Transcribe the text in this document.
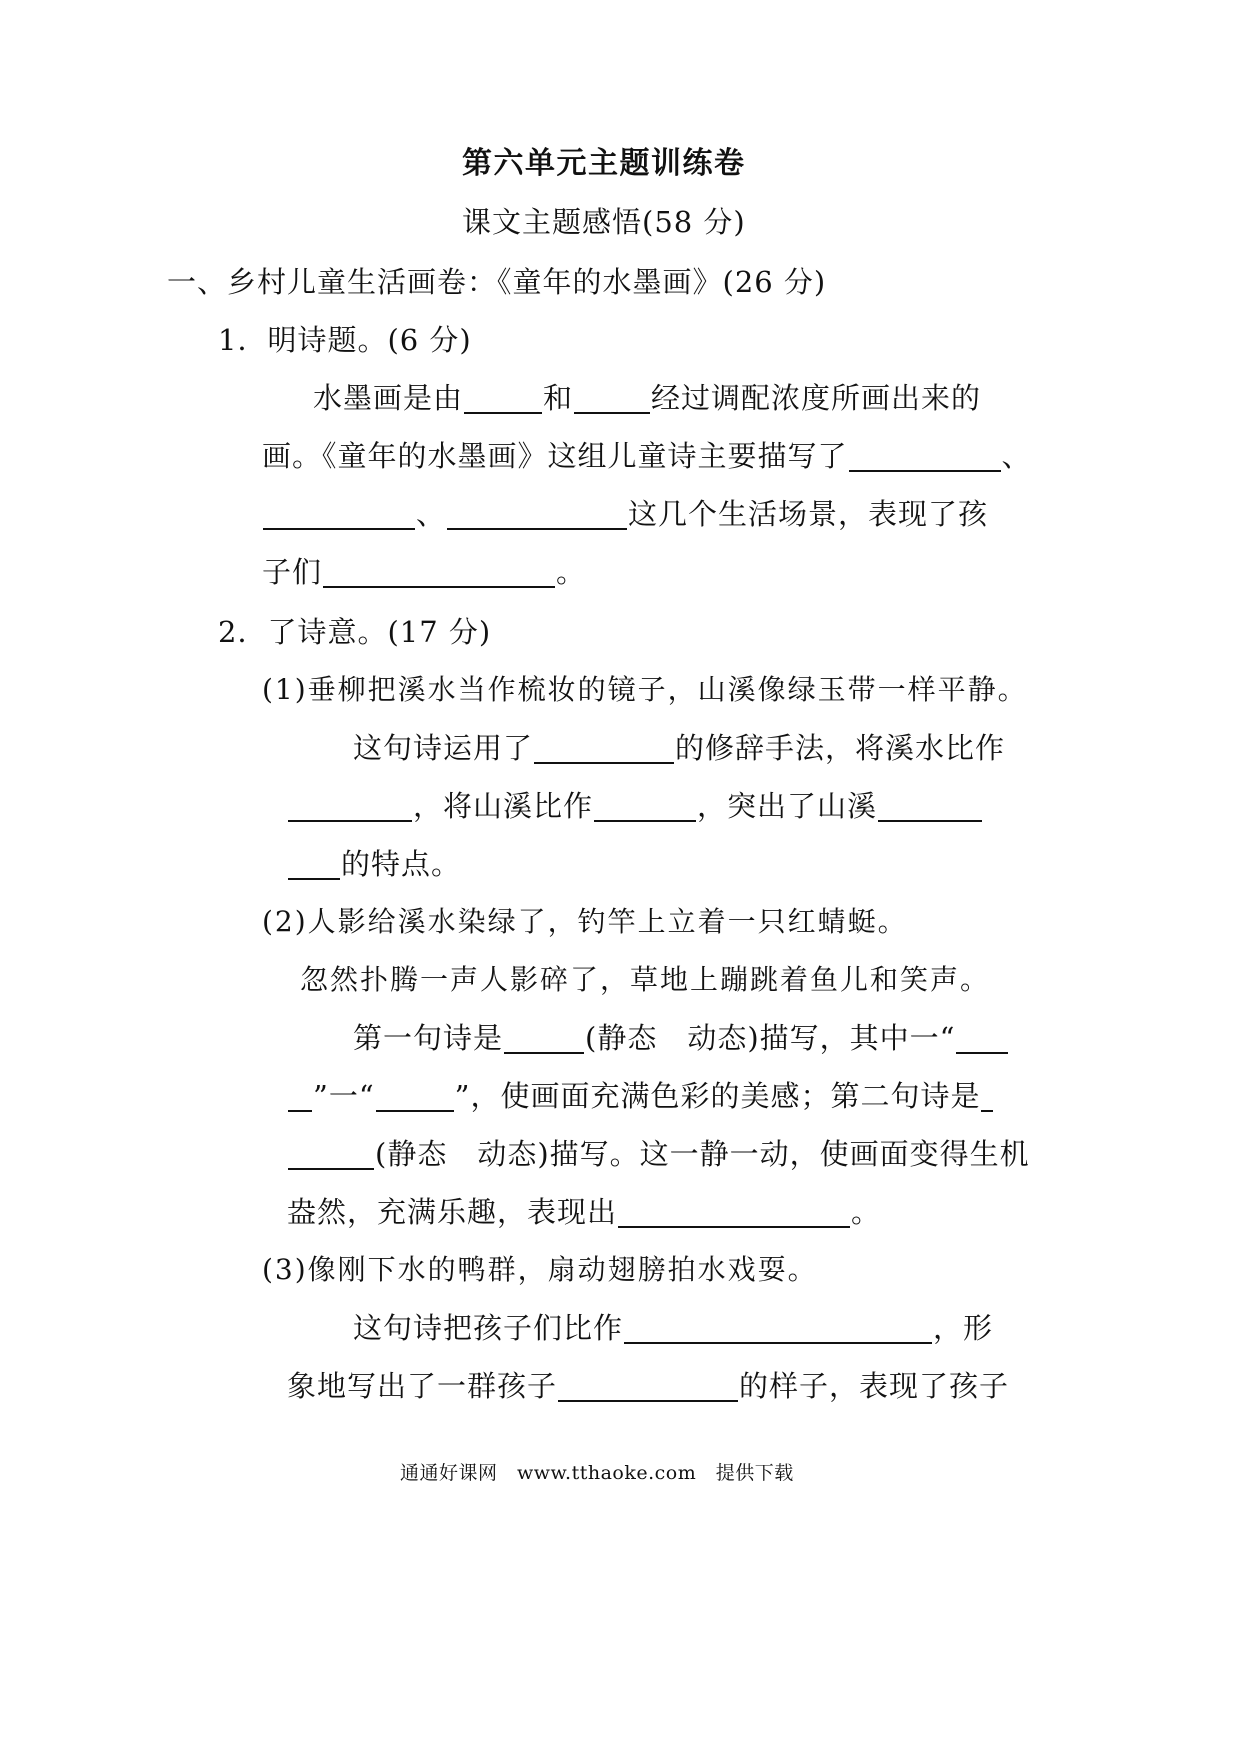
第六单元主题训练卷
课文主题感悟(58 分)
一、乡村儿童生活画卷：《童年的水墨画》(26 分)
1．明诗题。(6 分)
水墨画是由	和	经过调配浓度所画出来的
画。《童年的水墨画》这组儿童诗主要描写了	、
、	这几个生活场景，表现了孩
子们	。
2．了诗意。(17 分)
(1)垂柳把溪水当作梳妆的镜子，山溪像绿玉带一样平静。
这句诗运用了	的修辞手法，将溪水比作
，将山溪比作	，突出了山溪
的特点。
(2)人影给溪水染绿了，钓竿上立着一只红蜻蜓。
忽然扑腾一声人影碎了，草地上蹦跳着鱼儿和笑声。
第一句诗是	(静态　动态)描写，其中一“
”一“	”，使画面充满色彩的美感；第二句诗是
(静态　动态)描写。这一静一动，使画面变得生机
盎然，充满乐趣，表现出	。
(3)像刚下水的鸭群，扇动翅膀拍水戏耍。
这句诗把孩子们比作	，形
象地写出了一群孩子	的样子，表现了孩子
通通好课网　www.tthaoke.com　提供下载
